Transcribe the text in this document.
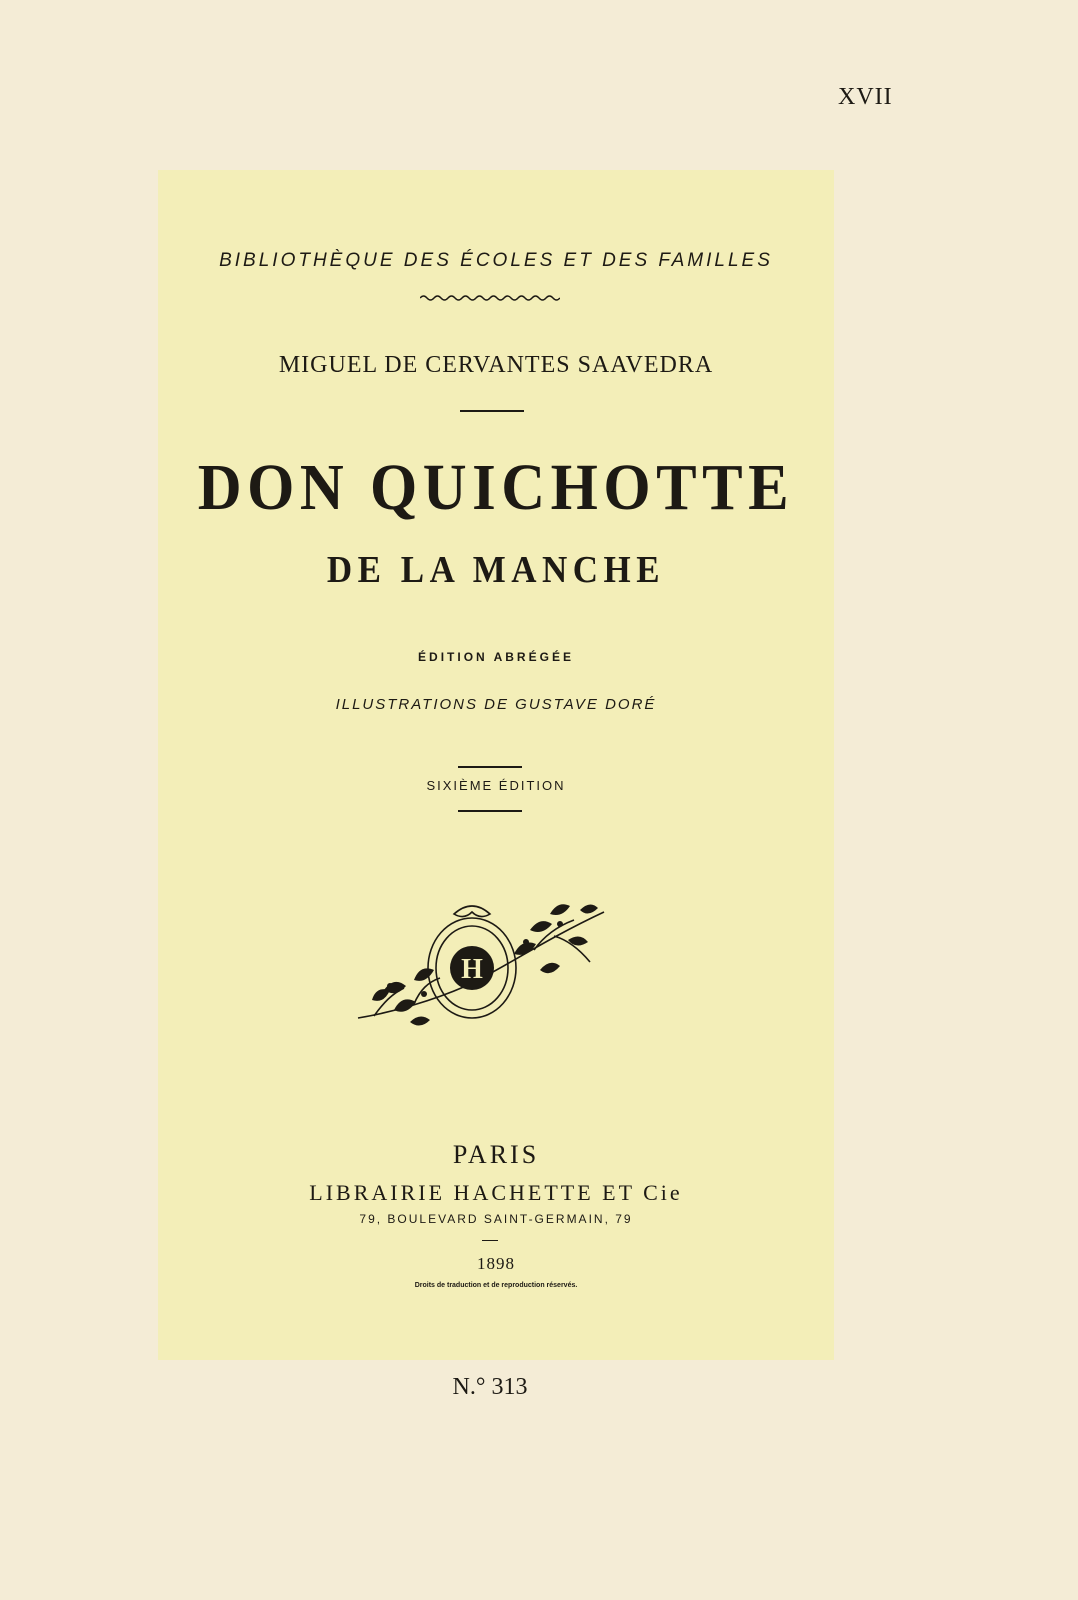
XVII
BIBLIOTHÈQUE DES ÉCOLES ET DES FAMILLES
MIGUEL DE CERVANTES SAAVEDRA
DON QUICHOTTE
DE LA MANCHE
ÉDITION ABRÉGÉE
ILLUSTRATIONS DE GUSTAVE DORÉ
SIXIÈME ÉDITION
H
PARIS
LIBRAIRIE HACHETTE ET Cie
79, BOULEVARD SAINT-GERMAIN, 79
1898
Droits de traduction et de reproduction réservés.
N.° 313
